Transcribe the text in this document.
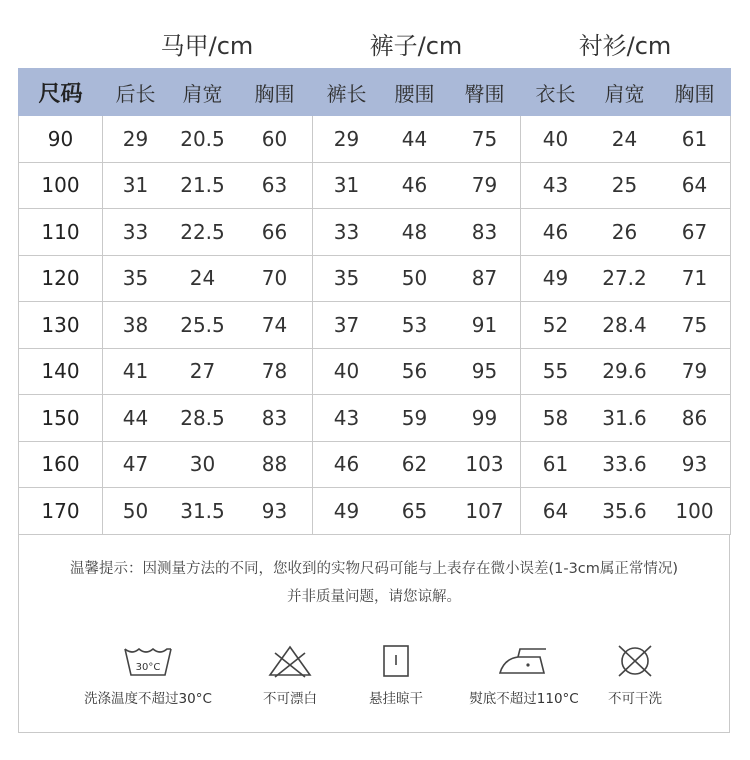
马甲/cm	裤子/cm	衬衫/cm
尺码	后长	肩宽	胸围	裤长	腰围	臀围	衣长	肩宽	胸围
90	29	20.5	60	29	44	75	40	24	61
100	31	21.5	63	31	46	79	43	25	64
110	33	22.5	66	33	48	83	46	26	67
120	35	24	70	35	50	87	49	27.2	71
130	38	25.5	74	37	53	91	52	28.4	75
140	41	27	78	40	56	95	55	29.6	79
150	44	28.5	83	43	59	99	58	31.6	86
160	47	30	88	46	62	103	61	33.6	93
170	50	31.5	93	49	65	107	64	35.6	100
温馨提示：因测量方法的不同，您收到的实物尺码可能与上表存在微小误差(1-3cm属正常情况)
并非质量问题，请您谅解。
30°C
洗涤温度不超过30°C	不可漂白	悬挂晾干	熨底不超过110°C	不可干洗
